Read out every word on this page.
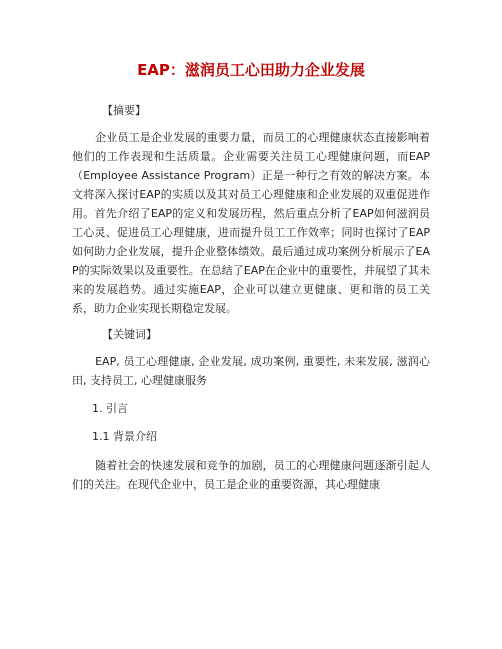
EAP：滋润员工心田助力企业发展
【摘要】

企业员工是企业发展的重要力量，而员工的心理健康状态直接影响着他们的工作表现和生活质量。企业需要关注员工心理健康问题，而EAP（Employee Assistance Program）正是一种行之有效的解决方案。本文将深入探讨EAP的实质以及其对员工心理健康和企业发展的双重促进作用。首先介绍了EAP的定义和发展历程，然后重点分析了EAP如何滋润员工心灵、促进员工心理健康，进而提升员工工作效率；同时也探讨了EAP如何助力企业发展，提升企业整体绩效。最后通过成功案例分析展示了EAP的实际效果以及重要性。在总结了EAP在企业中的重要性，并展望了其未来的发展趋势。通过实施EAP，企业可以建立更健康、更和谐的员工关系，助力企业实现长期稳定发展。

【关键词】

EAP, 员工心理健康, 企业发展, 成功案例, 重要性, 未来发展, 滋润心田, 支持员工, 心理健康服务

1. 引言
1.1 背景介绍

随着社会的快速发展和竞争的加剧，员工的心理健康问题逐渐引起人们的关注。在现代企业中，员工是企业的重要资源，其心理健康
